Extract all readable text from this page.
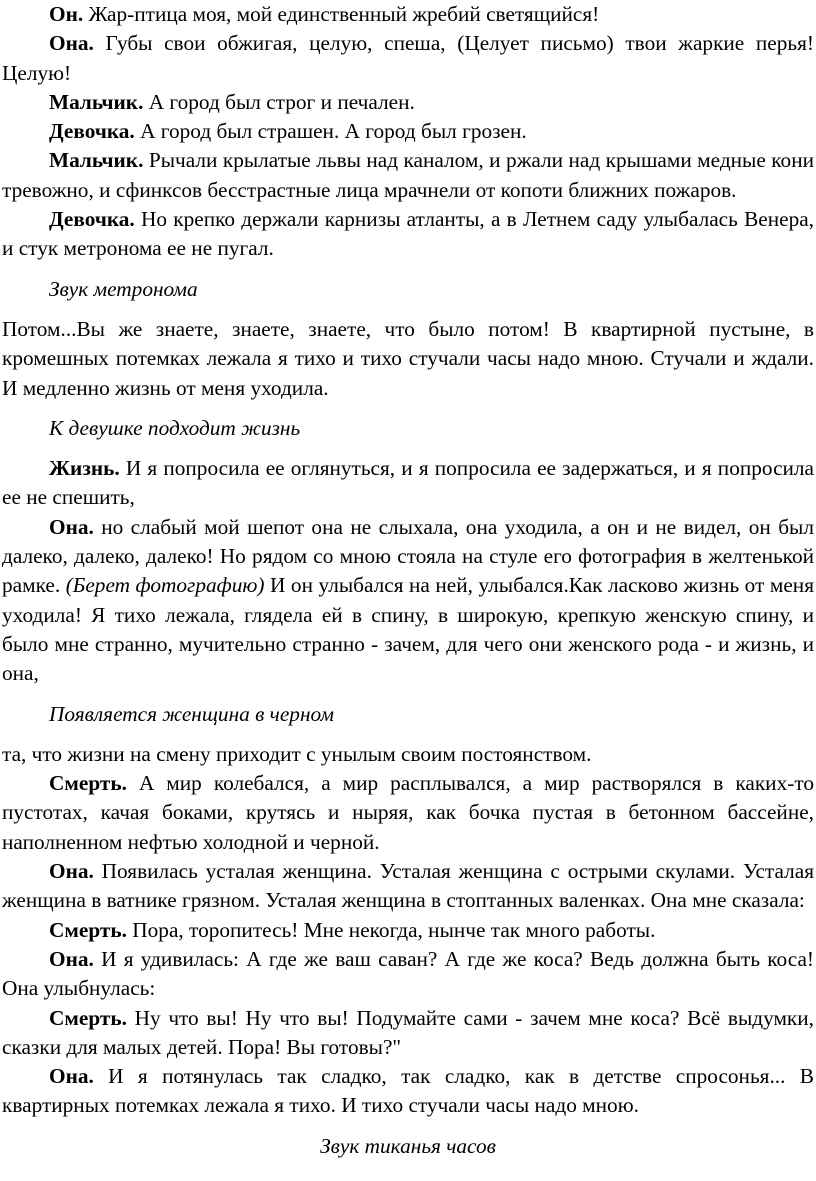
Он. Жар-птица моя, мой единственный жребий светящийся!

Она. Губы свои обжигая, целую, спеша, (Целует письмо) твои жаркие перья! Целую!

Мальчик. А город был строг и печален.

Девочка. А город был страшен. А город был грозен.

Мальчик. Рычали крылатые львы над каналом, и ржали над крышами медные кони тревожно, и сфинксов бесстрастные лица мрачнели от копоти ближних пожаров.

Девочка. Но крепко держали карнизы атланты, а в Летнем саду улыбалась Венера, и стук метронома ее не пугал.

Звук метронома

Потом...Вы же знаете, знаете, знаете, что было потом! В квартирной пустыне, в кромешных потемках лежала я тихо и тихо стучали часы надо мною. Стучали и ждали. И медленно жизнь от меня уходила.

К девушке подходит жизнь

Жизнь. И я попросила ее оглянуться, и я попросила ее задержаться, и я попросила ее не спешить,

Она. но слабый мой шепот она не слыхала, она уходила, а он и не видел, он был далеко, далеко, далеко! Но рядом со мною стояла на стуле его фотография в желтенькой рамке. (Берет фотографию) И он улыбался на ней, улыбался.Как ласково жизнь от меня уходила! Я тихо лежала, глядела ей в спину, в широкую, крепкую женскую спину, и было мне странно, мучительно странно - зачем, для чего они женского рода - и жизнь, и она,

Появляется женщина в черном

та, что жизни на смену приходит с унылым своим постоянством.

Смерть. А мир колебался, а мир расплывался, а мир растворялся в каких-то пустотах, качая боками, крутясь и ныряя, как бочка пустая в бетонном бассейне, наполненном нефтью холодной и черной.

Она. Появилась усталая женщина. Усталая женщина с острыми скулами. Усталая женщина в ватнике грязном. Усталая женщина в стоптанных валенках. Она мне сказала:

Смерть. Пора, торопитесь! Мне некогда, нынче так много работы.

Она. И я удивилась: А где же ваш саван? А где же коса? Ведь должна быть коса! Она улыбнулась:

Смерть. Ну что вы! Ну что вы! Подумайте сами - зачем мне коса? Всё выдумки, сказки для малых детей. Пора! Вы готовы?"

Она. И я потянулась так сладко, так сладко, как в детстве спросонья... В квартирных потемках лежала я тихо. И тихо стучали часы надо мною.

Звук тиканья часов
